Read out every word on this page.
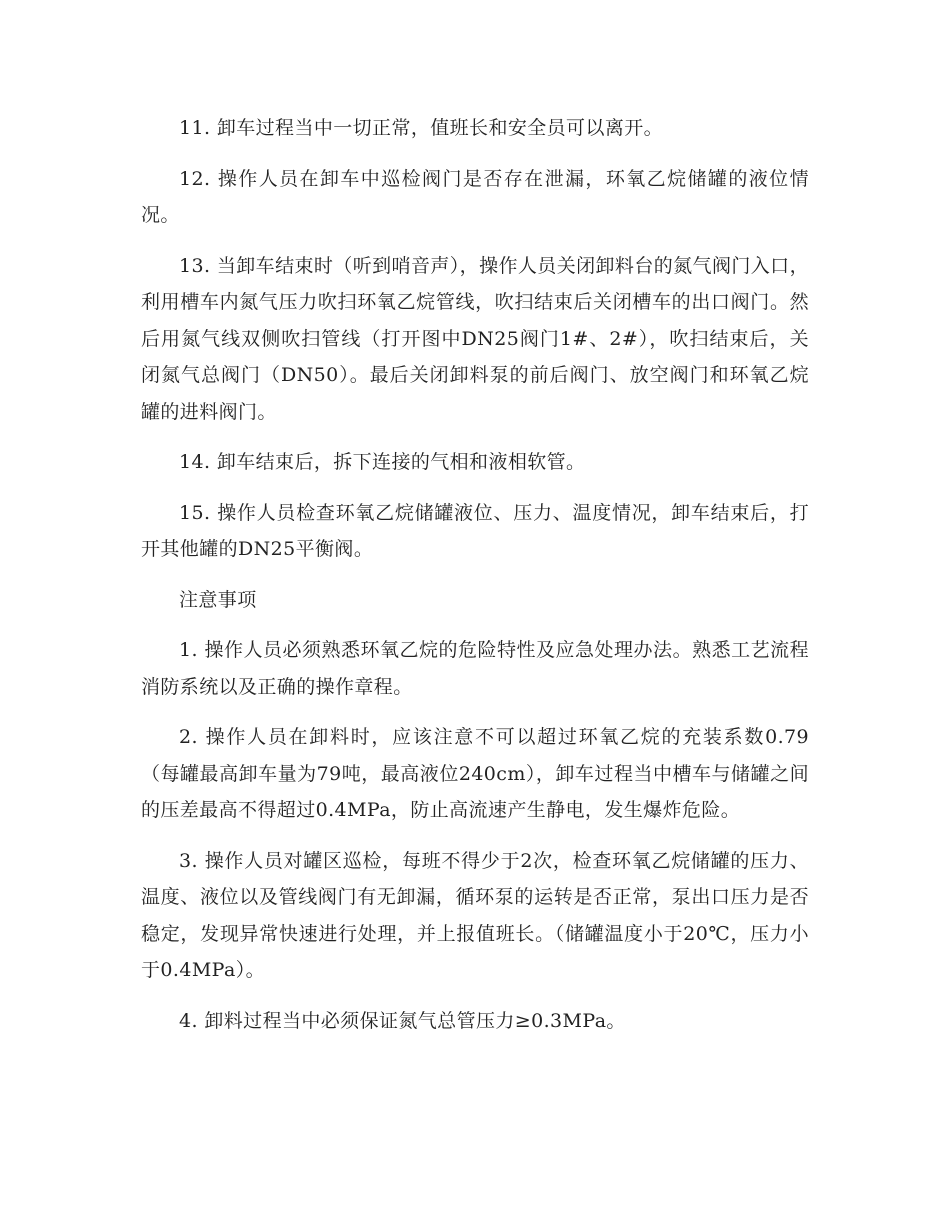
11. 卸车过程当中一切正常，值班长和安全员可以离开。

12. 操作人员在卸车中巡检阀门是否存在泄漏，环氧乙烷储罐的液位情况。

13. 当卸车结束时（听到哨音声），操作人员关闭卸料台的氮气阀门入口，利用槽车内氮气压力吹扫环氧乙烷管线，吹扫结束后关闭槽车的出口阀门。然后用氮气线双侧吹扫管线（打开图中DN25阀门1#、2#），吹扫结束后，关闭氮气总阀门（DN50）。最后关闭卸料泵的前后阀门、放空阀门和环氧乙烷罐的进料阀门。

14. 卸车结束后，拆下连接的气相和液相软管。

15. 操作人员检查环氧乙烷储罐液位、压力、温度情况，卸车结束后，打开其他罐的DN25平衡阀。

注意事项

1. 操作人员必须熟悉环氧乙烷的危险特性及应急处理办法。熟悉工艺流程消防系统以及正确的操作章程。

2. 操作人员在卸料时，应该注意不可以超过环氧乙烷的充装系数0.79（每罐最高卸车量为79吨，最高液位240cm），卸车过程当中槽车与储罐之间的压差最高不得超过0.4MPa，防止高流速产生静电，发生爆炸危险。

3. 操作人员对罐区巡检，每班不得少于2次，检查环氧乙烷储罐的压力、温度、液位以及管线阀门有无卸漏，循环泵的运转是否正常，泵出口压力是否稳定，发现异常快速进行处理，并上报值班长。（储罐温度小于20℃，压力小于0.4MPa）。

4. 卸料过程当中必须保证氮气总管压力≥0.3MPa。
